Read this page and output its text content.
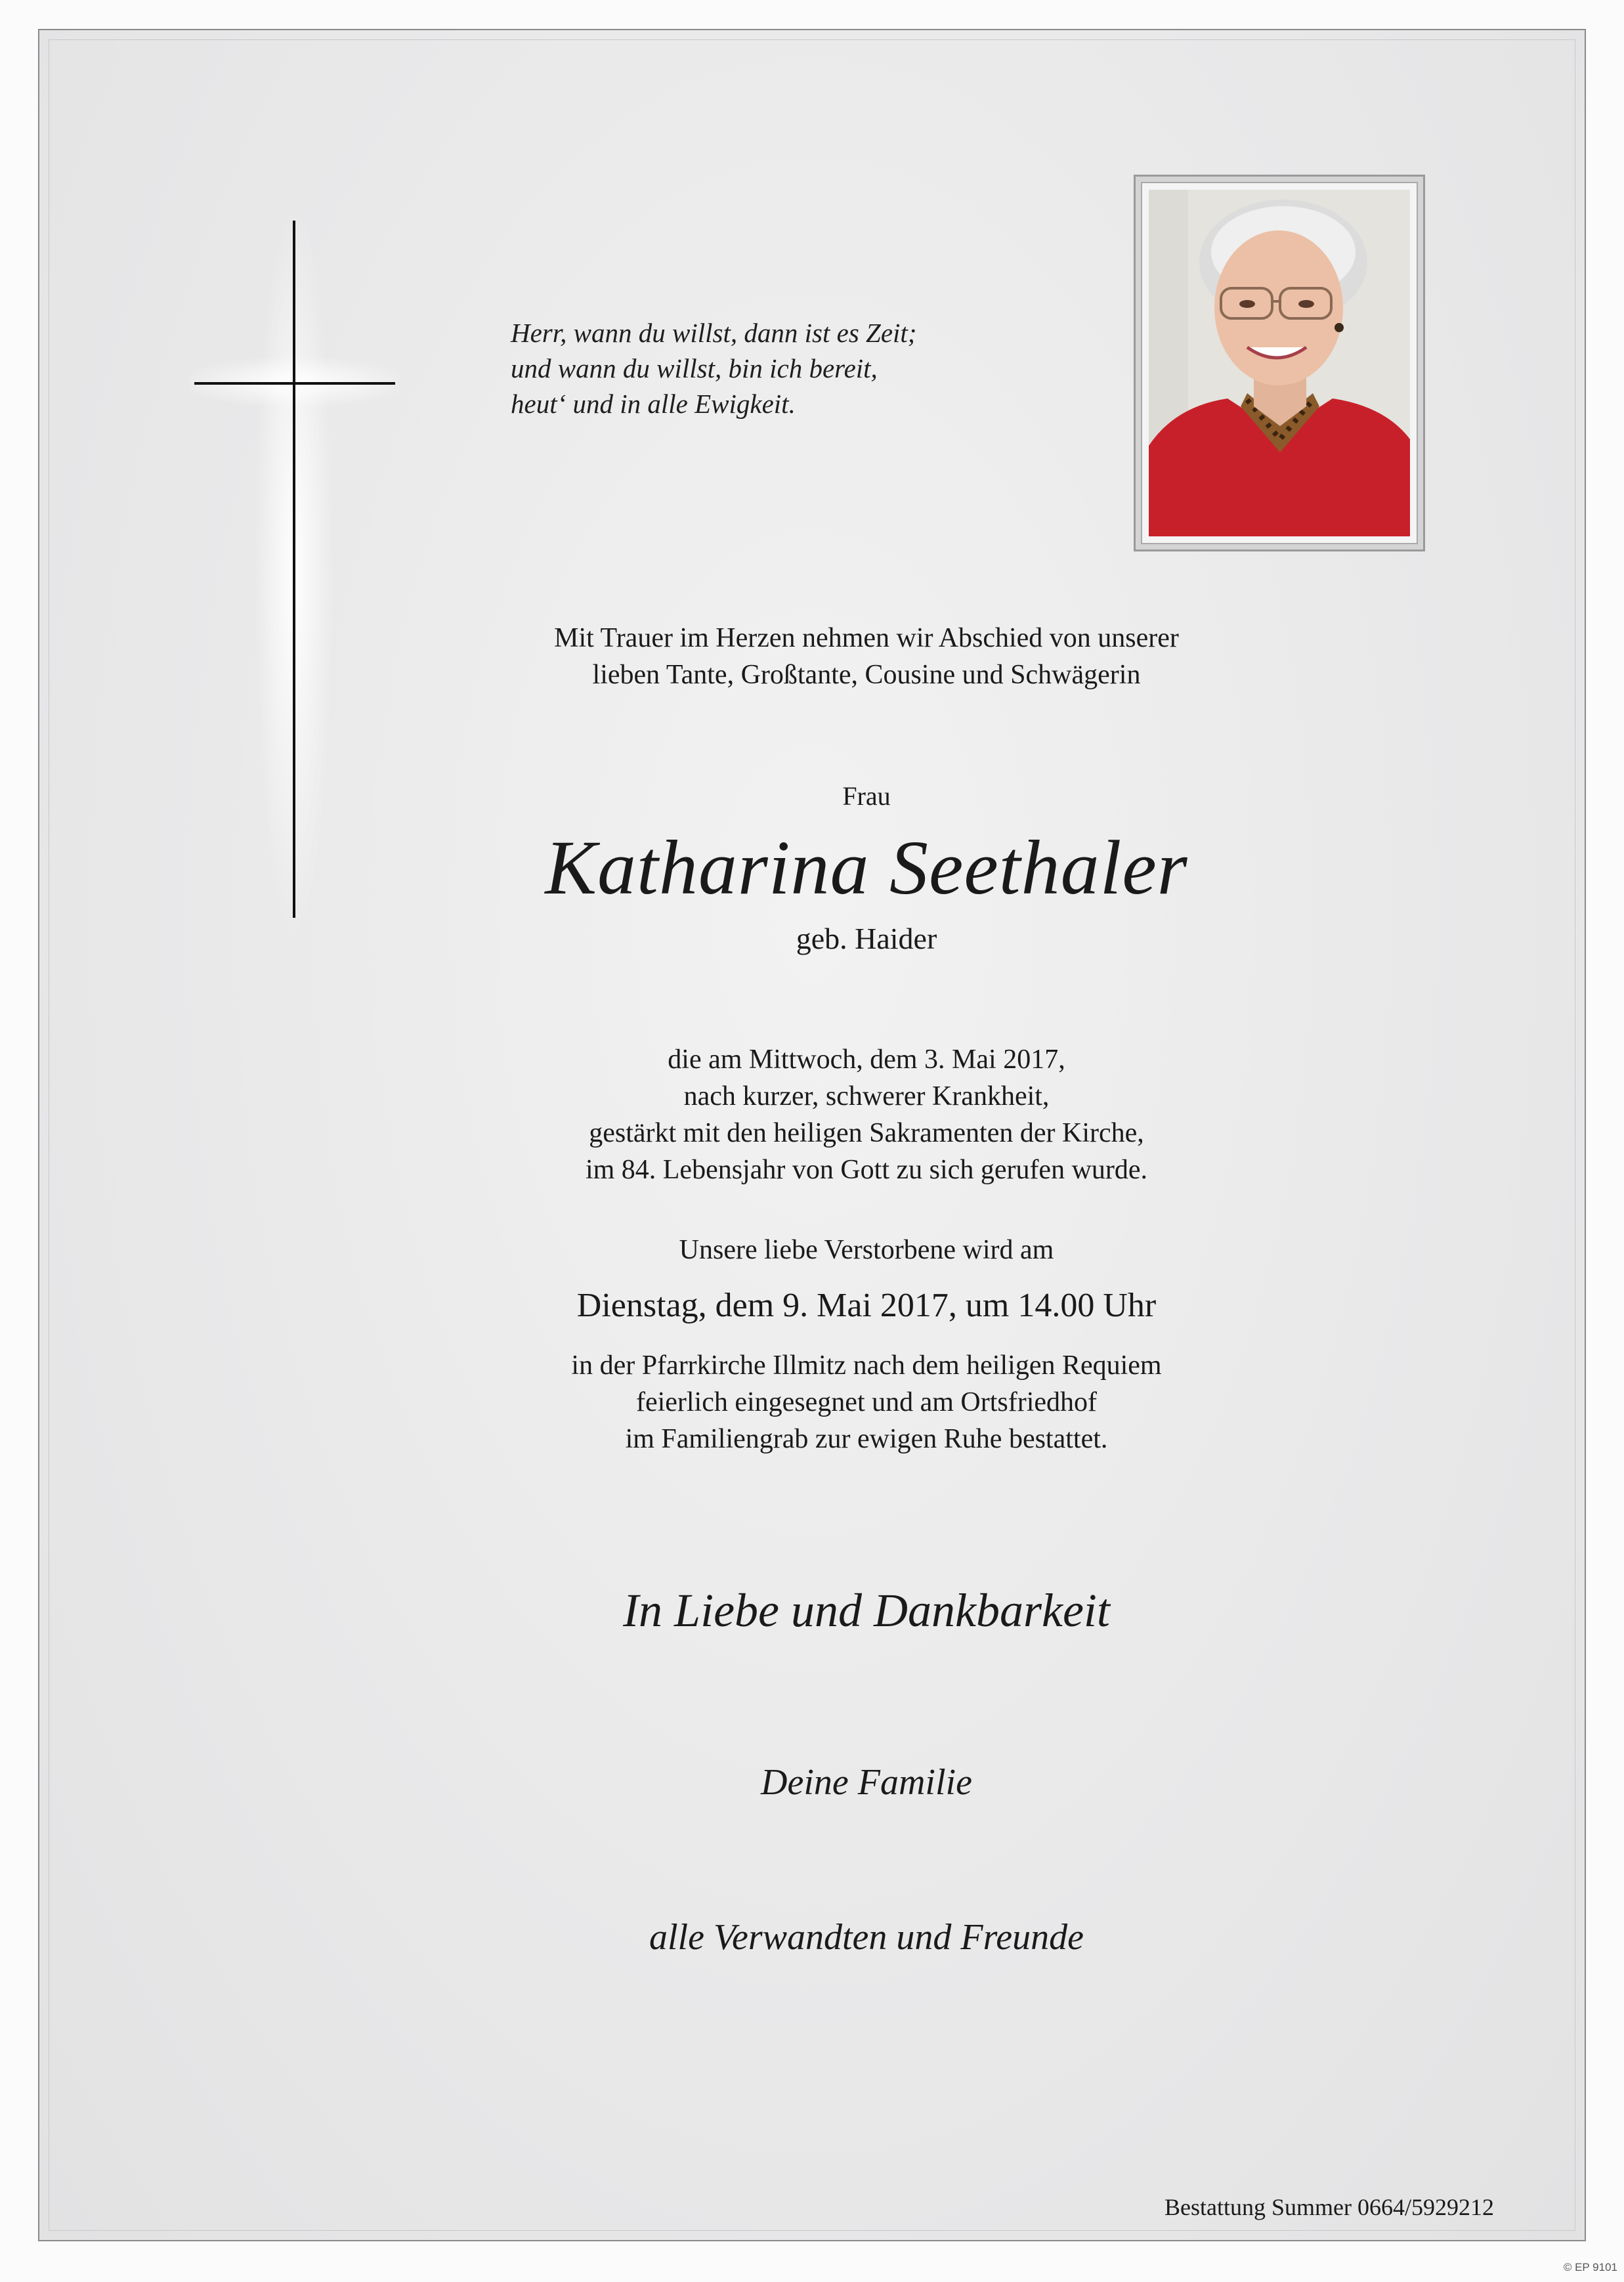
Herr, wann du willst, dann ist es Zeit;
und wann du willst, bin ich bereit,
heut‘ und in alle Ewigkeit.
Mit Trauer im Herzen nehmen wir Abschied von unserer
lieben Tante, Großtante, Cousine und Schwägerin
Frau
Katharina Seethaler
geb. Haider
die am Mittwoch, dem 3. Mai 2017,
nach kurzer, schwerer Krankheit,
gestärkt mit den heiligen Sakramenten der Kirche,
im 84. Lebensjahr von Gott zu sich gerufen wurde.
Unsere liebe Verstorbene wird am
Dienstag, dem 9. Mai 2017, um 14.00 Uhr
in der Pfarrkirche Illmitz nach dem heiligen Requiem
feierlich eingesegnet und am Ortsfriedhof
im Familiengrab zur ewigen Ruhe bestattet.
In Liebe und Dankbarkeit
Deine Familie
alle Verwandten und Freunde
Bestattung Summer 0664/5929212
© EP 9101
